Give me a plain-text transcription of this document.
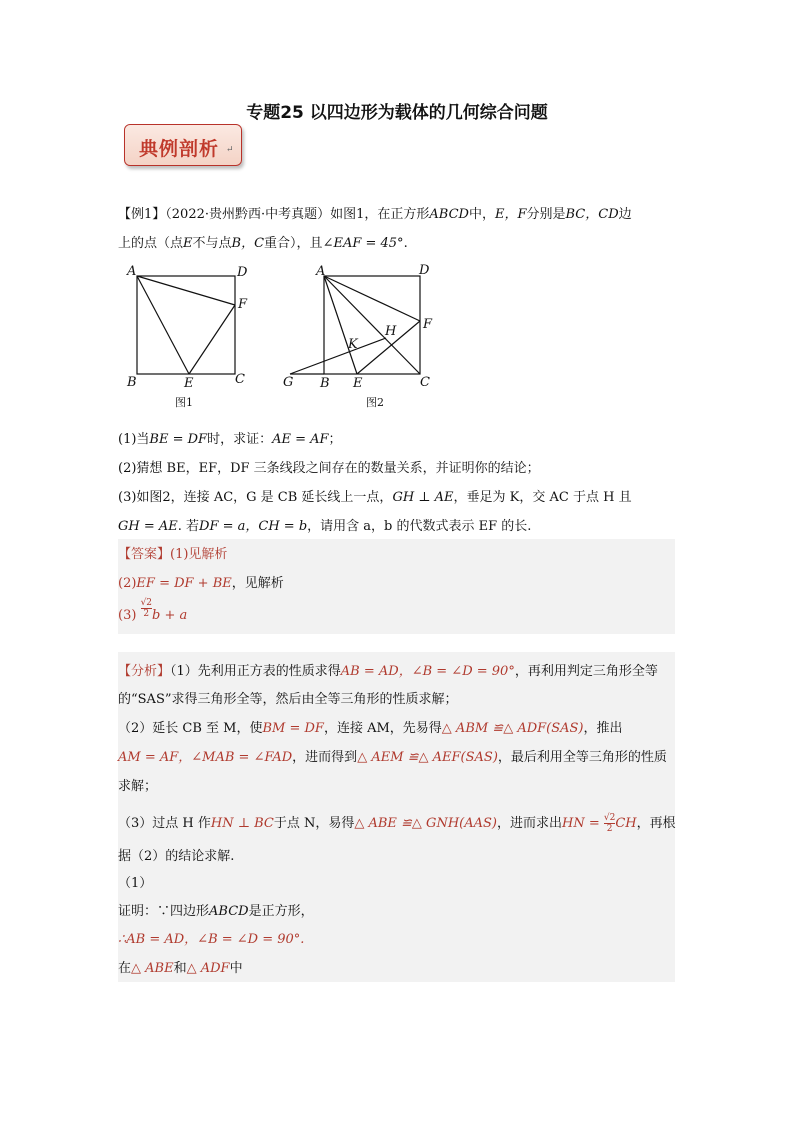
专题25 以四边形为载体的几何综合问题
典例剖析 ↵
【例1】（2022·贵州黔西·中考真题）如图1，在正方形ABCD中，E，F分别是BC，CD边
上的点（点E不与点B，C重合），且∠EAF = 45°.
A	D
F
B	E	C
图1
A	D
F
H
K
G B E	C
图2
(1)当BE = DF时，求证：AE = AF；
(2)猜想 BE，EF，DF 三条线段之间存在的数量关系，并证明你的结论；
(3)如图2，连接 AC，G 是 CB 延长线上一点，GH ⊥ AE，垂足为 K，交 AC 于点 H 且
GH = AE. 若DF = a，CH = b，请用含 a，b 的代数式表示 EF 的长.
【答案】(1)见解析
(2)EF = DF + BE，见解析
$(3) \frac{√2}{2}$ b + a
【分析】（1）先利用正方表的性质求得AB = AD，∠B = ∠D = 90°，再利用判定三角形全等
的“SAS”求得三角形全等，然后由全等三角形的性质求解；
（2）延长 CB 至 M，使BM = DF，连接 AM，先易得△ ABM ≌△ ADF(SAS)，推出
AM = AF，∠MAB = ∠FAD，进而得到△ AEM ≌△ AEF(SAS)，最后利用全等三角形的性质
求解；
（3）过点 H 作HN ⊥ BC于点 N，易得△ ABE ≌△ GNH(AAS)，进而求出HN = $\frac{√2}{2}$ CH，再根
据（2）的结论求解.
（1）
证明：∵四边形ABCD是正方形，
∴AB = AD，∠B = ∠D = 90°.
在△ ABE和△ ADF中
